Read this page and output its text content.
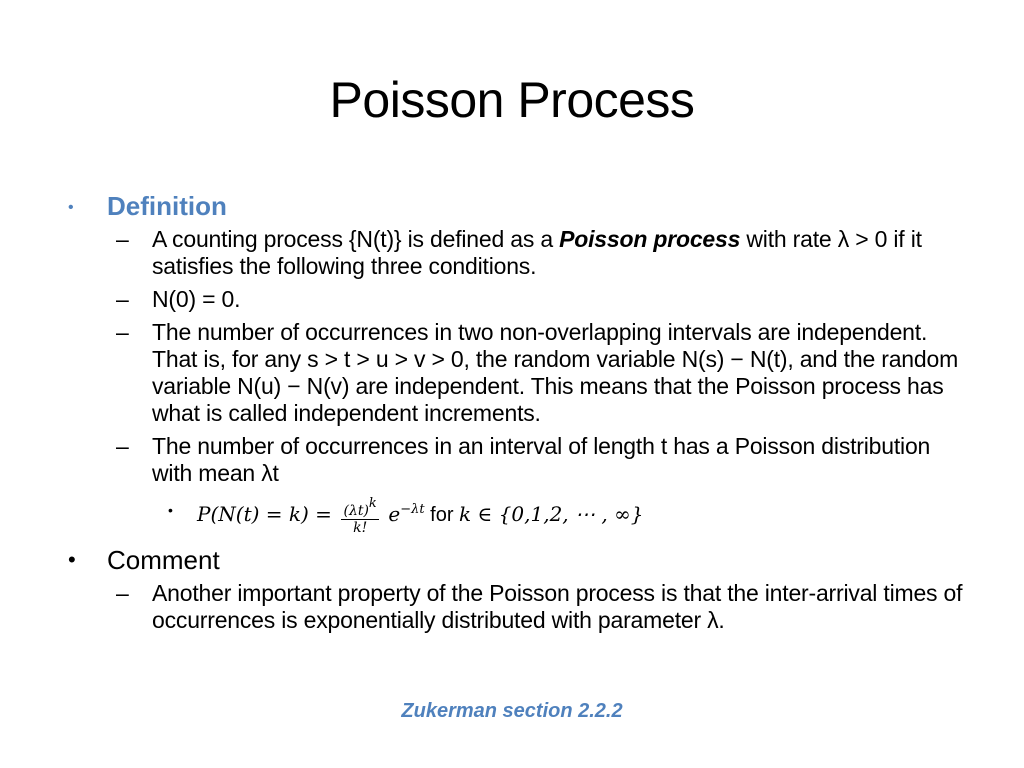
Poisson Process
• Definition
– A counting process {N(t)} is defined as a Poisson process with rate λ > 0 if it satisfies the following three conditions.
– N(0) = 0.
– The number of occurrences in two non-overlapping intervals are independent. That is, for any s > t > u > v > 0, the random variable N(s) − N(t), and the random variable N(u) − N(v) are independent. This means that the Poisson process has what is called independent increments.
– The number of occurrences in an interval of length t has a Poisson distribution with mean λt
• $P(N(t) = k) = \frac{(\lambda t)k}{k!} e^{-\lambda t}$ for k ∈ {0,1,2, ⋯ , ∞}
• Comment
– Another important property of the Poisson process is that the inter-arrival times of occurrences is exponentially distributed with parameter λ.
Zukerman section 2.2.2
